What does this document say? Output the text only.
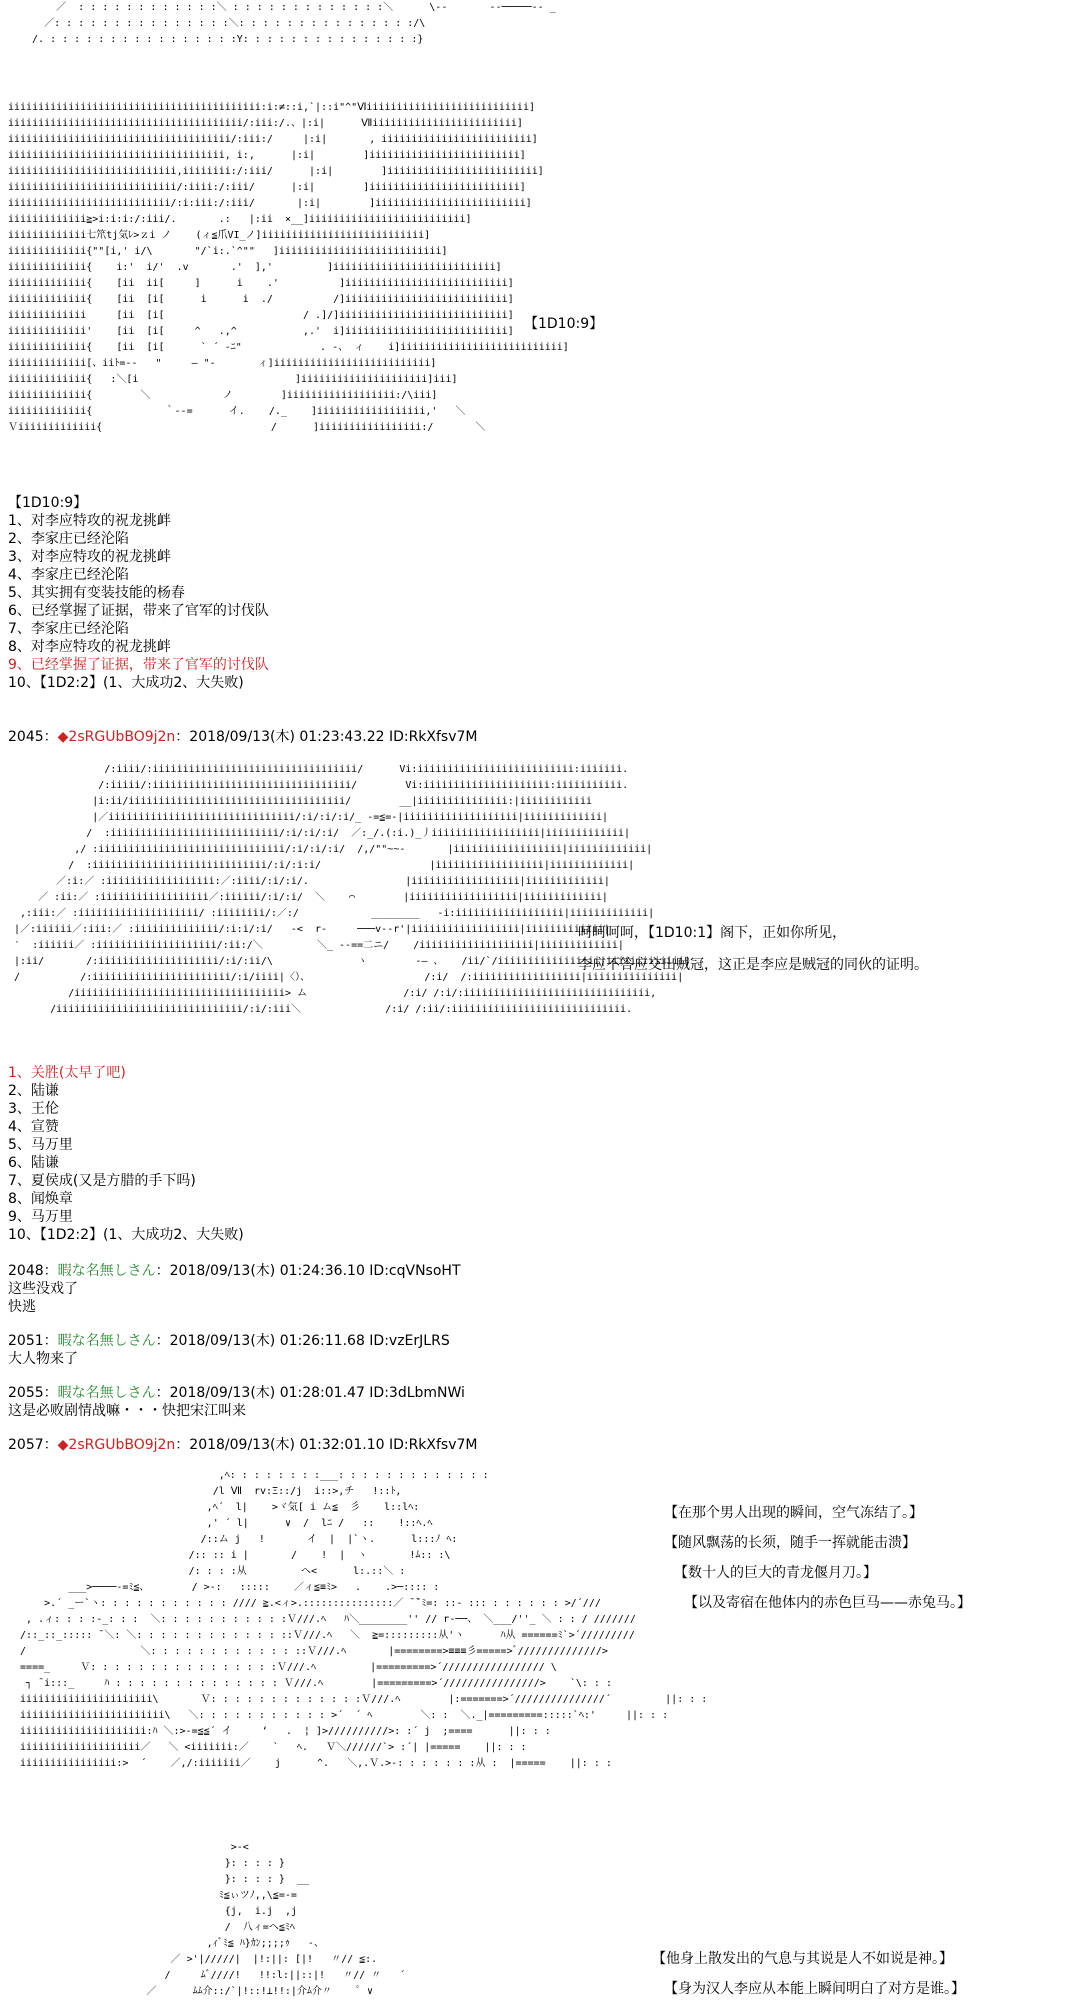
／  : : : : : : : : : : : :＼ : : : : : : : : : : : : :＼      \‐‐       ‐‐─────‐- _
／: : : : : : : : : : : : : : :＼: : : : : : : : : : : : : : :/\
/. : : : : : : : : : : : : : : : :Y: : : : : : : : : : : : : : :}
iiiiiiiiiiiiiiiiiiiiiiiiiiiiiiiiiiiiiiiiii:i:≠::i,`|::i"^"Ⅵiiiiiiiiiiiiiiiiiiiiiiiiiii]
iiiiiiiiiiiiiiiiiiiiiiiiiiiiiiiiiiiiiii/:iii:/.、|:i|      Ⅶiiiiiiiiiiiiiiiiiiiiiiii]
iiiiiiiiiiiiiiiiiiiiiiiiiiiiiiiiiiiii/:iii:/     |:i|       , iiiiiiiiiiiiiiiiiiiiiiiii]
iiiiiiiiiiiiiiiiiiiiiiiiiiiiiiiiiiii, i:,      |:i|        ]iiiiiiiiiiiiiiiiiiiiiiiii]
iiiiiiiiiiiiiiiiiiiiiiiiiiii,iiiiiiii:/:iii/      |:i|        ]iiiiiiiiiiiiiiiiiiiiiiiii]
iiiiiiiiiiiiiiiiiiiiiiiiiiii/:iiii:/:iii/      |:i|        ]iiiiiiiiiiiiiiiiiiiiiiiii]
iiiiiiiiiiiiiiiiiiiiiiiiiii/:i:iii:/:iii/       |:i|        ]iiiiiiiiiiiiiiiiiiiiiiiii]
iiiiiiiiiiiii≧>i:i:i:/:iii/.       .:   |:ii  ×__]iiiiiiiiiiiiiiiiiiiiiiiiii]
iiiiiiiiiiiii七笊tj気ﾚ>ｚi ノ    (ィ≦爪VI_ノ]iiiiiiiiiiiiiiiiiiiiiiiiiii]
iiiiiiiiiiiii{""[i,' i/\       "/`i:.`^""   ]iiiiiiiiiiiiiiiiiiiiiiiiiii]
iiiiiiiiiiiii{    i:'  i/'  .v       .'  ],'         ]iiiiiiiiiiiiiiiiiiiiiiiiiii]
iiiiiiiiiiiii{    [ii  ii[     ]      i    .'          ]iiiiiiiiiiiiiiiiiiiiiiiiiii]
iiiiiiiiiiiii{    [ii  [i[      i      i  ./          /]iiiiiiiiiiiiiiiiiiiiiiiiiii]
iiiiiiiiiiiii     [ii  [i[                       / .]/]iiiiiiiiiiiiiiiiiiiiiiiiiiii]
iiiiiiiiiiiii'    [ii  [i[     ^   .,^           ,.'  i]iiiiiiiiiiiiiiiiiiiiiiiiiii]
iiiiiiiiiiiii{    [ii  [i[      ` ´ -ﾆ"             . -、 ィ    i]iiiiiiiiiiiiiiiiiiiiiiiiiii]
iiiiiiiiiiiii[、iiﾄ=‐-   "     ― "‐       ィ]iiiiiiiiiiiiiiiiiiiiiiiiii]
iiiiiiiiiiiii{   :＼[i                          ]iiiiiiiiiiiiiiiiiiiii]iii]
iiiiiiiiiiiii{        ＼            ノ        ]iiiiiiiiiiiiiiiiii:/\iii]
iiiiiiiiiiiii{            ｀‐‐=      イ.    /._    ]iiiiiiiiiiiiiiiiii,'   ＼
Ｖiiiiiiiiiiiii{                            /      ]iiiiiiiiiiiiiiiii:/       ＼
【1D10:9】
【1D10:9】
1、对李应特攻的祝龙挑衅
2、李家庄已经沦陷
3、对李应特攻的祝龙挑衅
4、李家庄已经沦陷
5、其实拥有变装技能的杨春
6、已经掌握了证据，带来了官军的讨伐队
7、李家庄已经沦陷
8、对李应特攻的祝龙挑衅
9、已经掌握了证据，带来了官军的讨伐队
10、【1D2:2】(1、大成功2、大失败)
2045：◆2sRGUbBO9j2n：2018/09/13(木) 01:23:43.22 ID:RkXfsv7M
/:iiii/:iiiiiiiiiiiiiiiiiiiiiiiiiiiiiiiiii/      Vi:iiiiiiiiiiiiiiiiiiiiiiiiii:iiiiiii.
/:iiiii/:iiiiiiiiiiiiiiiiiiiiiiiiiiiiiiiii/        Vi:iiiiiiiiiiiiiiiiiiiii:iiiiiiiiiii.
|i:ii/iiiiiiiiiiiiiiiiiiiiiiiiiiiiiiiiiiii/        __|iiiiiiiiiiiiiii:|iiiiiiiiiiii
|／iiiiiiiiiiiiiiiiiiiiiiiiiiiiiii/:i/:i/:i/_ ‐=≦=‐|iiiiiiiiiiiiiiiiiii|iiiiiiiiiiiii|
/  :iiiiiiiiiiiiiiiiiiiiiiiiiiii/:i/:i/:i/  ／:_/.(:i.)_丿iiiiiiiiiiiiiiiiii|iiiiiiiiiiiii|
,/ :iiiiiiiiiiiiiiiiiiiiiiiiiiiiiii/:i/:i/:i/  /,/""~~‐       |iiiiiiiiiiiiiiiiii|iiiiiiiiiiiii|
/  :iiiiiiiiiiiiiiiiiiiiiiiiiiiii/:i/:i:i/                  |iiiiiiiiiiiiiiiiii|iiiiiiiiiiiii|
／:i:／ :iiiiiiiiiiiiiiiiii:／:iiii/:i/:i/.                |iiiiiiiiiiiiiiiiii|iiiiiiiiiiiii|
／ :ii:／ :iiiiiiiiiiiiiiiiii／:iiiiii/:i/:i/  ＼    ⌒        |iiiiiiiiiiiiiiiiii|iiiiiiiiiiiii|
,:iii:／ :iiiiiiiiiiiiiiiiiiii/ :iiiiiiii/:／:/            ________   ‐i:iiiiiiiiiiiiiiiiii|iiiiiiiiiiiii|
|／:iiiiii／:iii:／ :iiiiiiiiiiiiii/:i:i/:i/   ‐<  r‐     ───v‐-r'|iiiiiiiiiiiiiiiiii|iiiiiiiiiiiii|
′  :iiiiii／ :iiiiiiiiiiiiiiiiiiii/:ii:/＼         ＼_ ‐-==二ニ/    /iiiiiiiiiiiiiiiiiii|iiiiiiiiiiiii|
|:ii/       /:iiiiiiiiiiiiiiiiiiii/:i/:ii/\              ヽ        ‐― 、   /ii/`/iiiiiiiiiiiiiiiii|iiiiiiiiiiiii|
/          /:iiiiiiiiiiiiiiiiiiiiiii/:i/iiii|〈）、                   /:i/  /:iiiiiiiiiiiiiiiiii|iiiiiiiiiiiiiii|
/iiiiiiiiiiiiiiiiiiiiiiiiiiiiiiiiiii> ム                /:i/ /:i/:iiiiiiiiiiiiiiiiiiiiiiiiiiiiiii,
/iiiiiiiiiiiiiiiiiiiiiiiiiiiiiii/:i/:iii＼              /:i/ /:ii/:iiiiiiiiiiiiiiiiiiiiiiiiiiiii.
呵呵呵呵，【1D10:1】阁下，正如你所见，
李应不答应交出贼冠，这正是李应是贼冠的同伙的证明。
1、关胜(太早了吧)
2、陆谦
3、王伦
4、宣赞
5、马万里
6、陆谦
7、夏侯成(又是方腊的手下吗)
8、闻焕章
9、马万里
10、【1D2:2】(1、大成功2、大失败)
2048：暇な名無しさん：2018/09/13(木) 01:24:36.10 ID:cqVNsoHT
这些没戏了
快逃
2051：暇な名無しさん：2018/09/13(木) 01:26:11.68 ID:vzErJLRS
大人物来了
2055：暇な名無しさん：2018/09/13(木) 01:28:01.47 ID:3dLbmNWi
这是必败剧情战嘛・・・快把宋江叫来
2057：◆2sRGUbBO9j2n：2018/09/13(木) 01:32:01.10 ID:RkXfsv7M
,ﾍ: : : : : : : :___: : : : : : : : : : : : :
/l Ⅶ  rv:Ξ::/j  i::>,チ   !::ﾄ,
,ﾍ´  l|    >ヾ気[ i ム≦  彡    l::lﾍ:
,' ´ l|      ∨  /  lﾆ /   ::    !::ﾍ.ﾍ
/::ム j   !       イ  |  |`ヽ.      l:::ﾉ ﾍ:
/:: :: i |       /    !  |  ヽ       !ﾑ:: :\
/: : : :从         へ<      l:.::＼ :
___>────‐=ﾐ≦、       / >‐:   :::::    ／ィ≦≡ﾐ>   .    .>─:::: :
>.´ _ー`ヽ: : : : : : : : : : : //// ≧.<ィ>.:::::::::::::::／ ̄ ̄`ﾐ=: ::‐ ::: : : : : : : >/´///
, .ィ: : : :‐_: : :  ＼: : : : : : : : : : :Ｖ///.ﾍ   ﾊ＼________'' // r‐──、 ＼___/''_ ＼ : : / ///////
/::_::_::::: ̄ ＼: ＼: : : : : : : : : : : : ::Ｖ///.ﾍ   ＼  ≧=:::::::::从'ヽ      ﾊ从 ======ﾐ`>´/////////
/                   ＼: : : : : : : : : : : : ::Ｖ///.ﾍ       |========>≡≡≡彡=====>ﾞ//////////////>
====_     Ｖ: : : : : : : : : : : : : : : :Ｖ///.ﾍ         |=========>´///////////////// \
┐ ̄ i:::_     ﾊ : : : : : : : : : : : : : : Ｖ///.ﾍ        |=========>´////////////////>    `\: : :
iiiiiiiiiiiiiiiiiiiiii\       Ｖ: : : : : : : : : : : : :Ｖ///.ﾍ        |:=======>´///////////////´         ||: : :
iiiiiiiiiiiiiiiiiiiiiiii\   ＼: : : : : : : : : : : >´  ´ ﾍ        ＼: :  ＼._|=========:::::`ﾍ:'     ||: : :
iiiiiiiiiiiiiiiiiiiii:ﾊ ＼:>‐=≦≦´ イ     ‘   .  ¦ ]>//////////>: :´ j  ;====      ||: : :
iiiiiiiiiiiiiiiiiiii／   ＼ <iiiiiii:／    `   ﾍ.   Ｖ＼//////`> :´| |=====    ||: : :
iiiiiiiiiiiiiiii:>  ´    ／,/:iiiiiii／    j      ^.   ＼,.Ｖ.>‐: : : : : : :从 :  |=====    ||: : :
【在那个男人出现的瞬间，空气冻结了。】
【随风飘荡的长须，随手一挥就能击溃】
【数十人的巨大的青龙偃月刀。】
【以及寄宿在他体内的赤色巨马——赤兔马。】
>‐<
}: : : : }
}: : : : }  __
ﾐ≦ぃツﾉ,,\≦=‐=
{j,  i.j  ,j
/  八ィ=ヘ≦ﾐﾍ
,ｨﾞﾐ≦ ﾊ}ｶﾝ;;;;ｩ   ‐、
／ >'|/////|  |!:||: [|!   〃// ≦:.
/     ﾑﾞ////!   !!:l:||::|!   〃// 〃   ´
／      ﾑﾑ介::/`|!::!⊥!!:|介ﾑ介〃    ﾟ ∨
【他身上散发出的气息与其说是人不如说是神。】
【身为汉人李应从本能上瞬间明白了对方是谁。】
